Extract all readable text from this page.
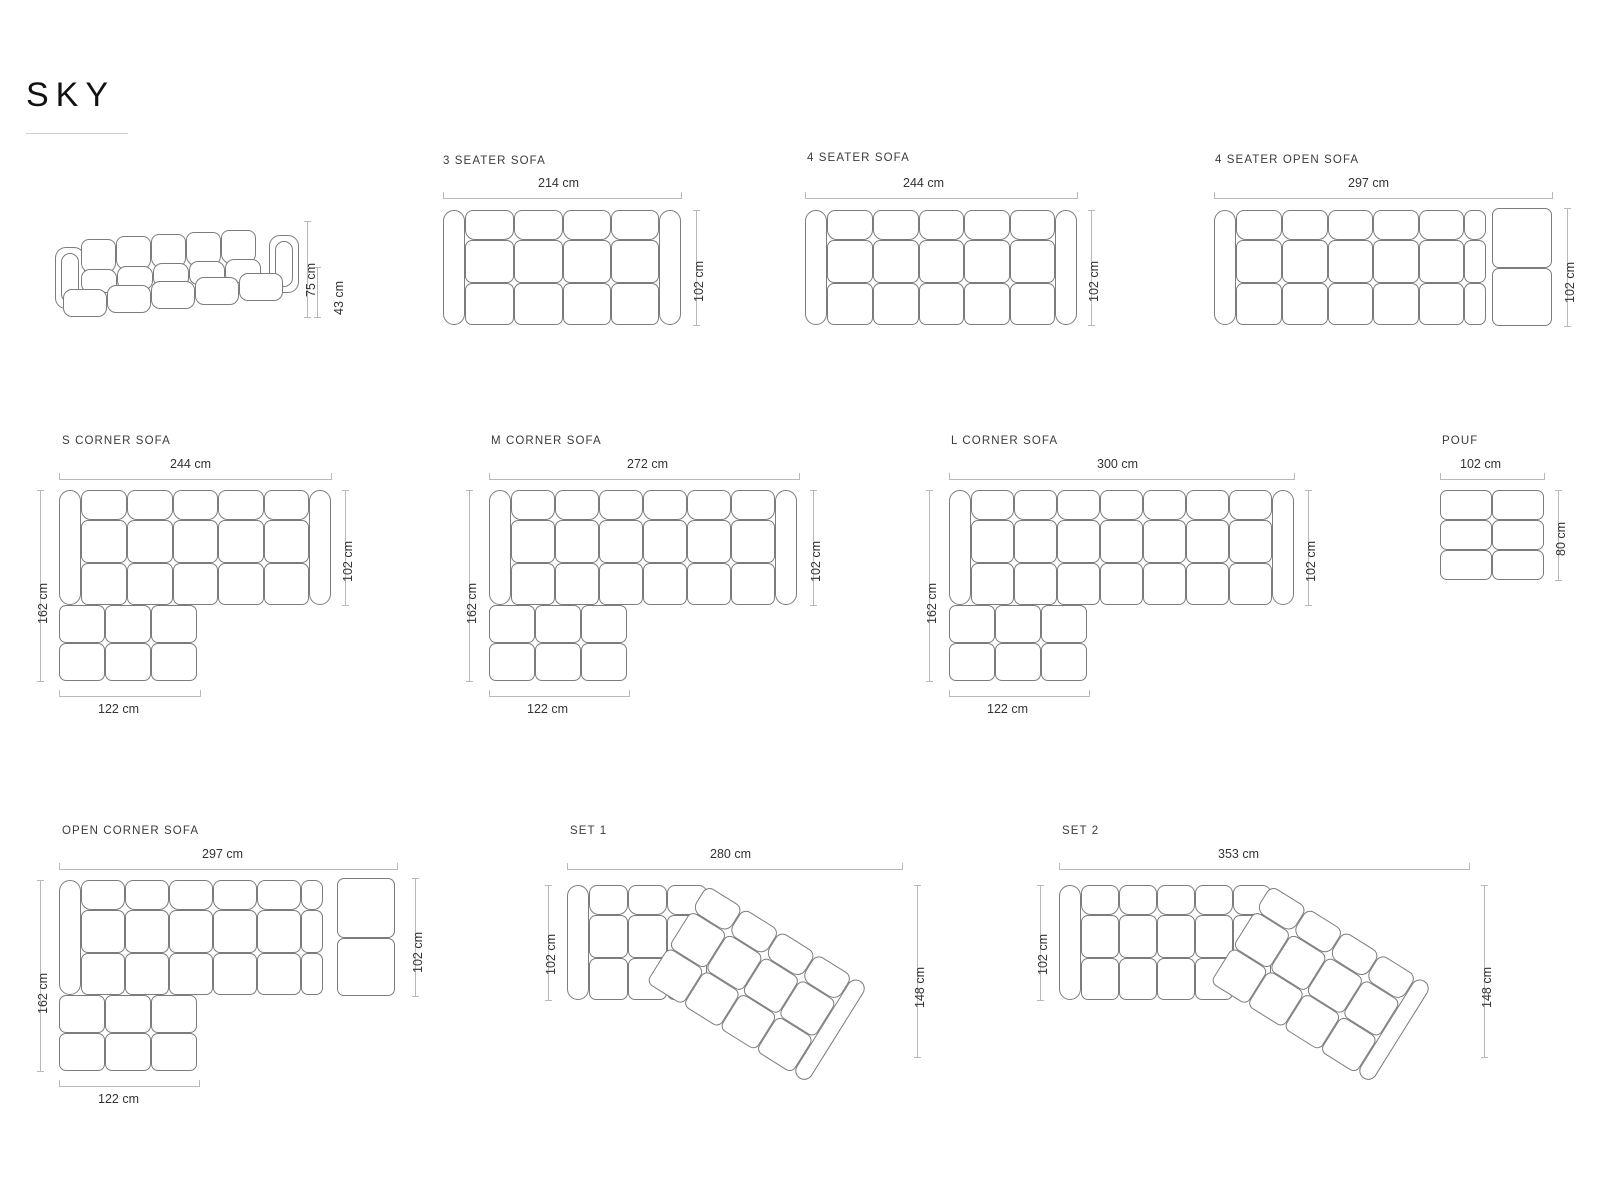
SKY
75 cm
43 cm
3 SEATER SOFA
214 cm
102 cm
4 SEATER SOFA
244 cm
102 cm
4 SEATER OPEN SOFA
297 cm
102 cm
S CORNER SOFA
244 cm
102 cm
162 cm
122 cm
M CORNER SOFA
272 cm
102 cm
162 cm
122 cm
L CORNER SOFA
300 cm
102 cm
162 cm
122 cm
POUF
102 cm
80 cm
OPEN CORNER SOFA
297 cm
102 cm
162 cm
122 cm
SET 1
280 cm
102 cm
148 cm
SET 2
353 cm
102 cm
148 cm
